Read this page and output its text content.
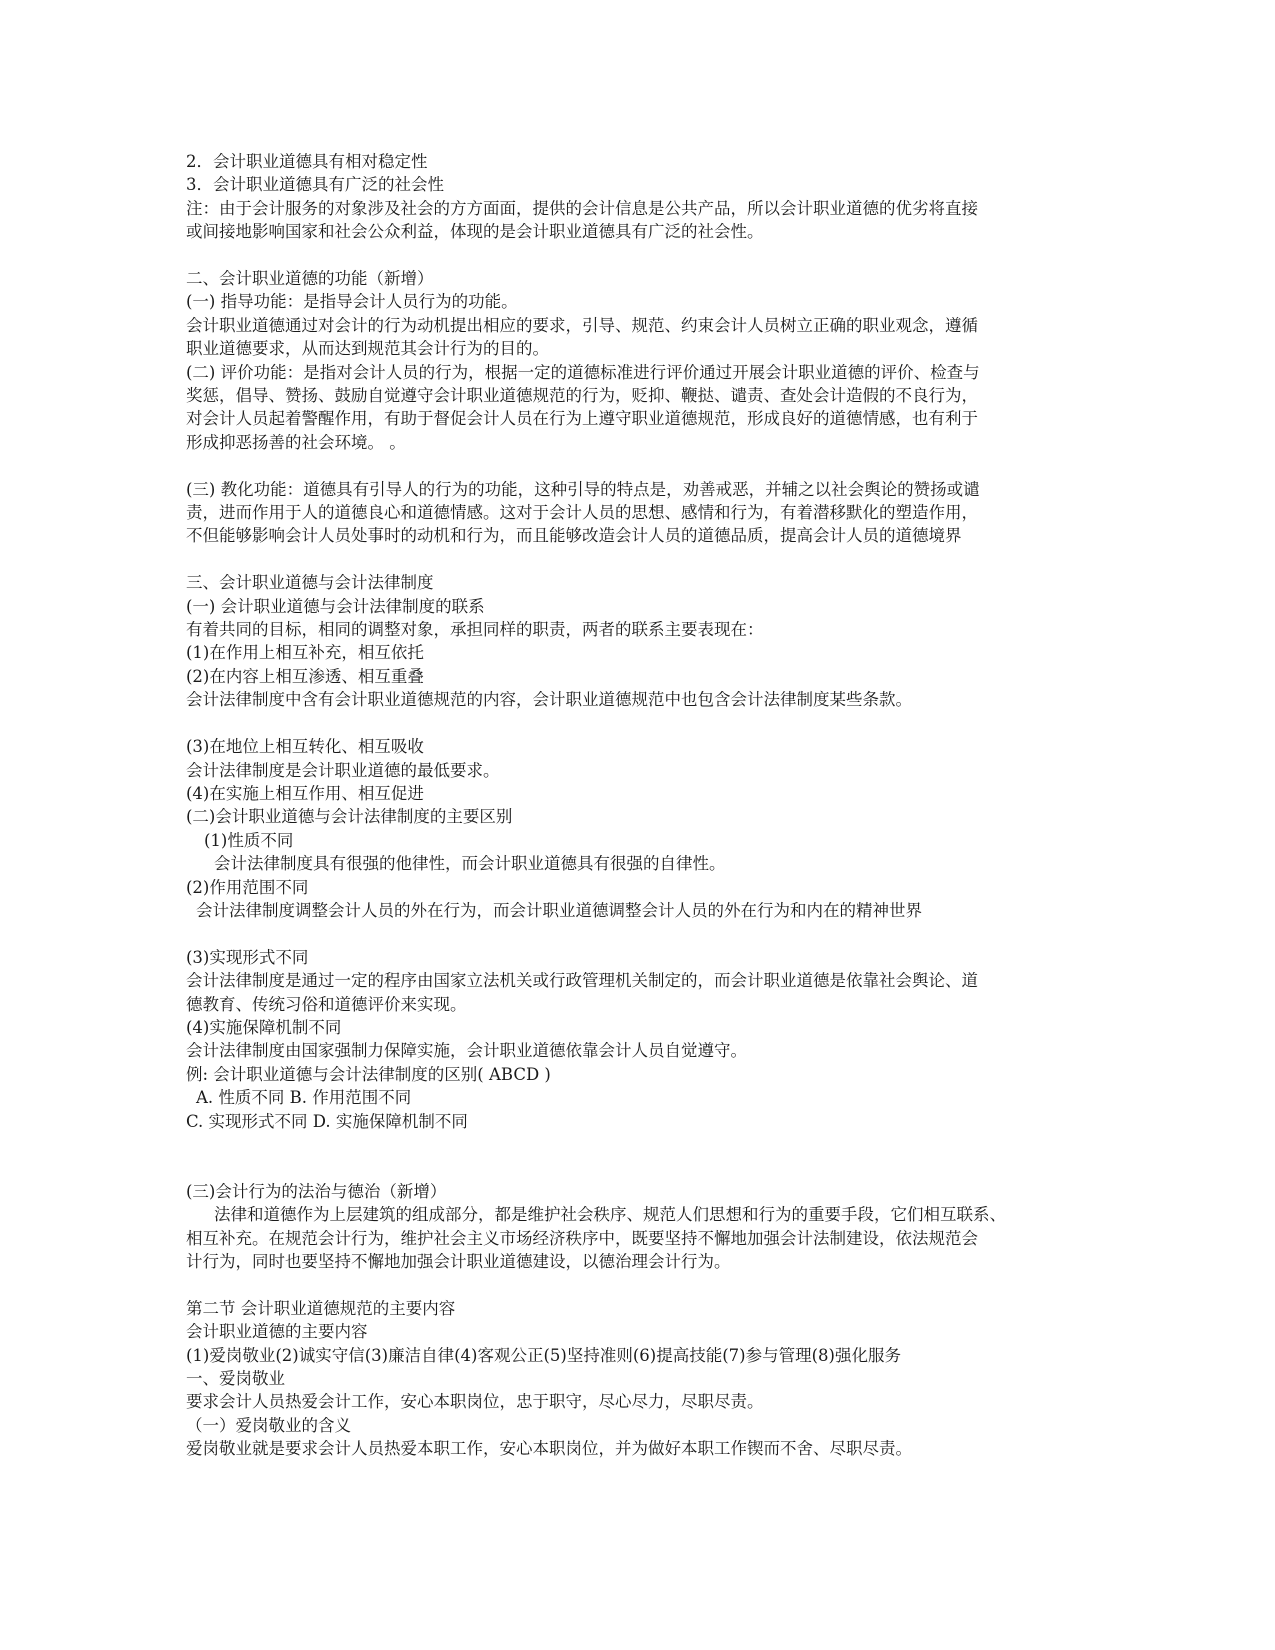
2．会计职业道德具有相对稳定性

3．会计职业道德具有广泛的社会性

注：由于会计服务的对象涉及社会的方方面面，提供的会计信息是公共产品，所以会计职业道德的优劣将直接

或间接地影响国家和社会公众利益，体现的是会计职业道德具有广泛的社会性。

二、会计职业道德的功能（新增）

(一) 指导功能：是指导会计人员行为的功能。

会计职业道德通过对会计的行为动机提出相应的要求，引导、规范、约束会计人员树立正确的职业观念，遵循

职业道德要求，从而达到规范其会计行为的目的。

(二) 评价功能：是指对会计人员的行为，根据一定的道德标准进行评价通过开展会计职业道德的评价、检查与

奖惩，倡导、赞扬、鼓励自觉遵守会计职业道德规范的行为，贬抑、鞭挞、谴责、查处会计造假的不良行为，

对会计人员起着警醒作用，有助于督促会计人员在行为上遵守职业道德规范，形成良好的道德情感，也有利于

形成抑恶扬善的社会环境。 。

(三) 教化功能：道德具有引导人的行为的功能，这种引导的特点是，劝善戒恶，并辅之以社会舆论的赞扬或谴

责，进而作用于人的道德良心和道德情感。这对于会计人员的思想、感情和行为，有着潜移默化的塑造作用，

不但能够影响会计人员处事时的动机和行为，而且能够改造会计人员的道德品质，提高会计人员的道德境界

三、会计职业道德与会计法律制度

(一) 会计职业道德与会计法律制度的联系

有着共同的目标，相同的调整对象，承担同样的职责，两者的联系主要表现在：

(1)在作用上相互补充，相互依托

(2)在内容上相互渗透、相互重叠

会计法律制度中含有会计职业道德规范的内容，会计职业道德规范中也包含会计法律制度某些条款。

(3)在地位上相互转化、相互吸收

会计法律制度是会计职业道德的最低要求。

(4)在实施上相互作用、相互促进

(二)会计职业道德与会计法律制度的主要区别

(1)性质不同

会计法律制度具有很强的他律性，而会计职业道德具有很强的自律性。

(2)作用范围不同

会计法律制度调整会计人员的外在行为，而会计职业道德调整会计人员的外在行为和内在的精神世界

(3)实现形式不同

会计法律制度是通过一定的程序由国家立法机关或行政管理机关制定的，而会计职业道德是依靠社会舆论、道

德教育、传统习俗和道德评价来实现。

(4)实施保障机制不同

会计法律制度由国家强制力保障实施，会计职业道德依靠会计人员自觉遵守。

例: 会计职业道德与会计法律制度的区别( ABCD )

A. 性质不同 B. 作用范围不同

C. 实现形式不同 D. 实施保障机制不同

(三)会计行为的法治与德治（新增）

法律和道德作为上层建筑的组成部分，都是维护社会秩序、规范人们思想和行为的重要手段，它们相互联系、

相互补充。在规范会计行为，维护社会主义市场经济秩序中，既要坚持不懈地加强会计法制建设，依法规范会

计行为，同时也要坚持不懈地加强会计职业道德建设，以德治理会计行为。

第二节 会计职业道德规范的主要内容

会计职业道德的主要内容

(1)爱岗敬业(2)诚实守信(3)廉洁自律(4)客观公正(5)坚持准则(6)提高技能(7)参与管理(8)强化服务

一、爱岗敬业

要求会计人员热爱会计工作，安心本职岗位，忠于职守，尽心尽力，尽职尽责。

（一）爱岗敬业的含义

爱岗敬业就是要求会计人员热爱本职工作，安心本职岗位，并为做好本职工作锲而不舍、尽职尽责。
